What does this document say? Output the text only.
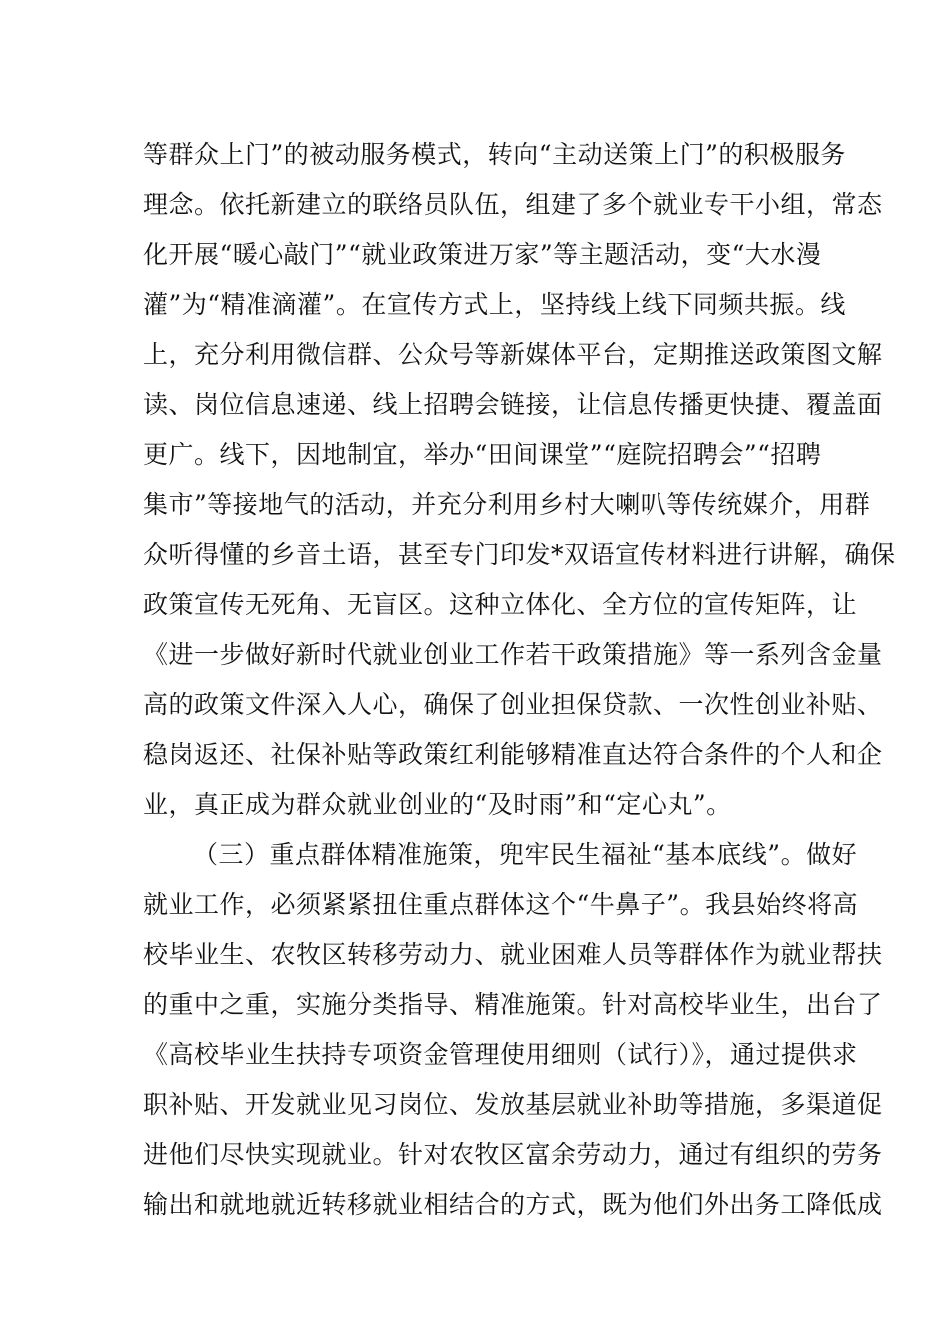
等群众上门”的被动服务模式，转向“主动送策上门”的积极服务
理念。依托新建立的联络员队伍，组建了多个就业专干小组，常态
化开展“暖心敲门”“就业政策进万家”等主题活动，变“大水漫
灌”为“精准滴灌”。在宣传方式上，坚持线上线下同频共振。线
上，充分利用微信群、公众号等新媒体平台，定期推送政策图文解
读、岗位信息速递、线上招聘会链接，让信息传播更快捷、覆盖面
更广。线下，因地制宜，举办“田间课堂”“庭院招聘会”“招聘
集市”等接地气的活动，并充分利用乡村大喇叭等传统媒介，用群
众听得懂的乡音土语，甚至专门印发*双语宣传材料进行讲解，确保
政策宣传无死角、无盲区。这种立体化、全方位的宣传矩阵，让
《进一步做好新时代就业创业工作若干政策措施》等一系列含金量
高的政策文件深入人心，确保了创业担保贷款、一次性创业补贴、
稳岗返还、社保补贴等政策红利能够精准直达符合条件的个人和企
业，真正成为群众就业创业的“及时雨”和“定心丸”。
（三）重点群体精准施策，兜牢民生福祉“基本底线”。做好
就业工作，必须紧紧扭住重点群体这个“牛鼻子”。我县始终将高
校毕业生、农牧区转移劳动力、就业困难人员等群体作为就业帮扶
的重中之重，实施分类指导、精准施策。针对高校毕业生，出台了
《高校毕业生扶持专项资金管理使用细则（试行）》，通过提供求
职补贴、开发就业见习岗位、发放基层就业补助等措施，多渠道促
进他们尽快实现就业。针对农牧区富余劳动力，通过有组织的劳务
输出和就地就近转移就业相结合的方式，既为他们外出务工降低成
